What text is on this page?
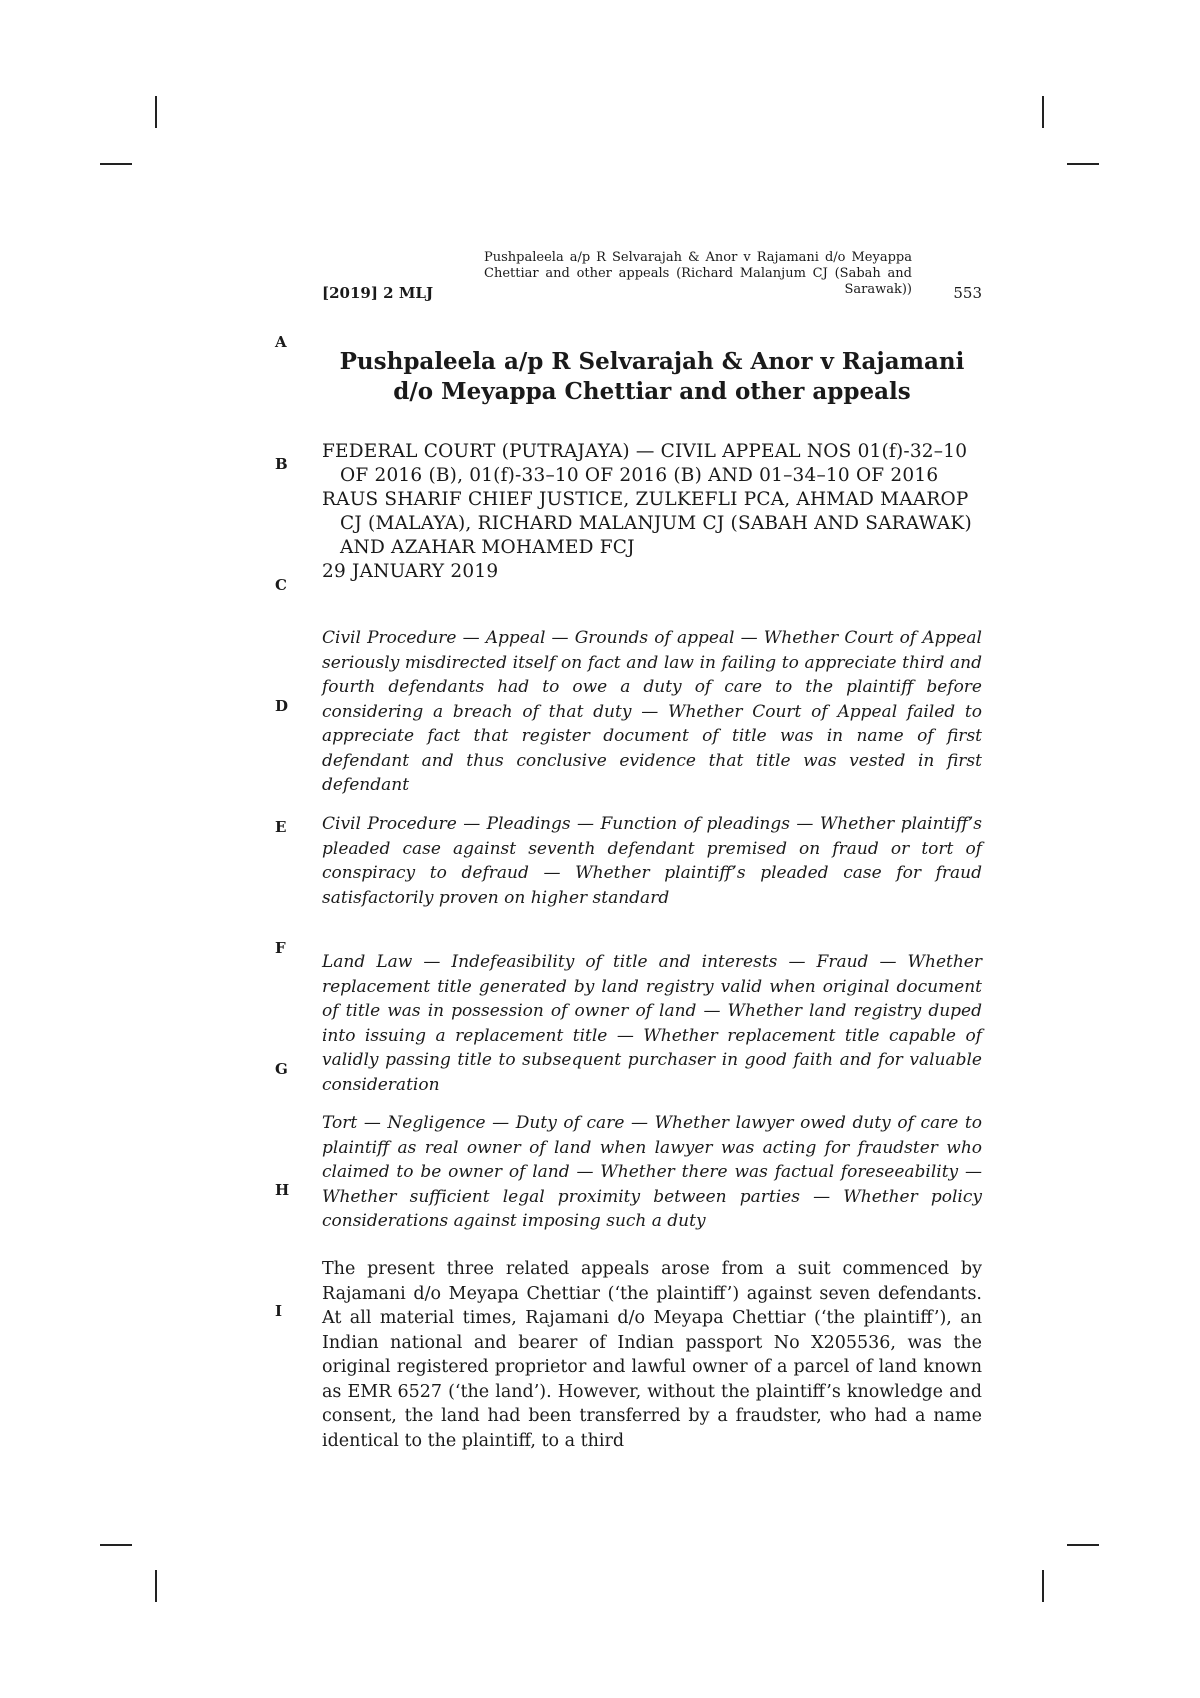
[2019] 2 MLJ
Pushpaleela a/p R Selvarajah & Anor v Rajamani d/o Meyappa Chettiar and other appeals (Richard Malanjum CJ (Sabah and Sarawak))	553
A
B
C
D
E
F
G
H
I
Pushpaleela a/p R Selvarajah & Anor v Rajamani d/o Meyappa Chettiar and other appeals

FEDERAL COURT (PUTRAJAYA) — CIVIL APPEAL NOS 01(f)-32–10 OF 2016 (B), 01(f)-33–10 OF 2016 (B) AND 01–34–10 OF 2016

RAUS SHARIF CHIEF JUSTICE, ZULKEFLI PCA, AHMAD MAAROP CJ (MALAYA), RICHARD MALANJUM CJ (SABAH AND SARAWAK) AND AZAHAR MOHAMED FCJ

29 JANUARY 2019

Civil Procedure — Appeal — Grounds of appeal — Whether Court of Appeal seriously misdirected itself on fact and law in failing to appreciate third and fourth defendants had to owe a duty of care to the plaintiff before considering a breach of that duty — Whether Court of Appeal failed to appreciate fact that register document of title was in name of first defendant and thus conclusive evidence that title was vested in first defendant

Civil Procedure — Pleadings — Function of pleadings — Whether plaintiff’s pleaded case against seventh defendant premised on fraud or tort of conspiracy to defraud — Whether plaintiff’s pleaded case for fraud satisfactorily proven on higher standard

Land Law — Indefeasibility of title and interests — Fraud — Whether replacement title generated by land registry valid when original document of title was in possession of owner of land — Whether land registry duped into issuing a replacement title — Whether replacement title capable of validly passing title to subsequent purchaser in good faith and for valuable consideration

Tort — Negligence — Duty of care — Whether lawyer owed duty of care to plaintiff as real owner of land when lawyer was acting for fraudster who claimed to be owner of land — Whether there was factual foreseeability — Whether sufficient legal proximity between parties — Whether policy considerations against imposing such a duty

The present three related appeals arose from a suit commenced by Rajamani d/o Meyapa Chettiar (‘the plaintiff’) against seven defendants. At all material times, Rajamani d/o Meyapa Chettiar (‘the plaintiff’), an Indian national and bearer of Indian passport No X205536, was the original registered proprietor and lawful owner of a parcel of land known as EMR 6527 (‘the land’). However, without the plaintiff’s knowledge and consent, the land had been transferred by a fraudster, who had a name identical to the plaintiff, to a third
